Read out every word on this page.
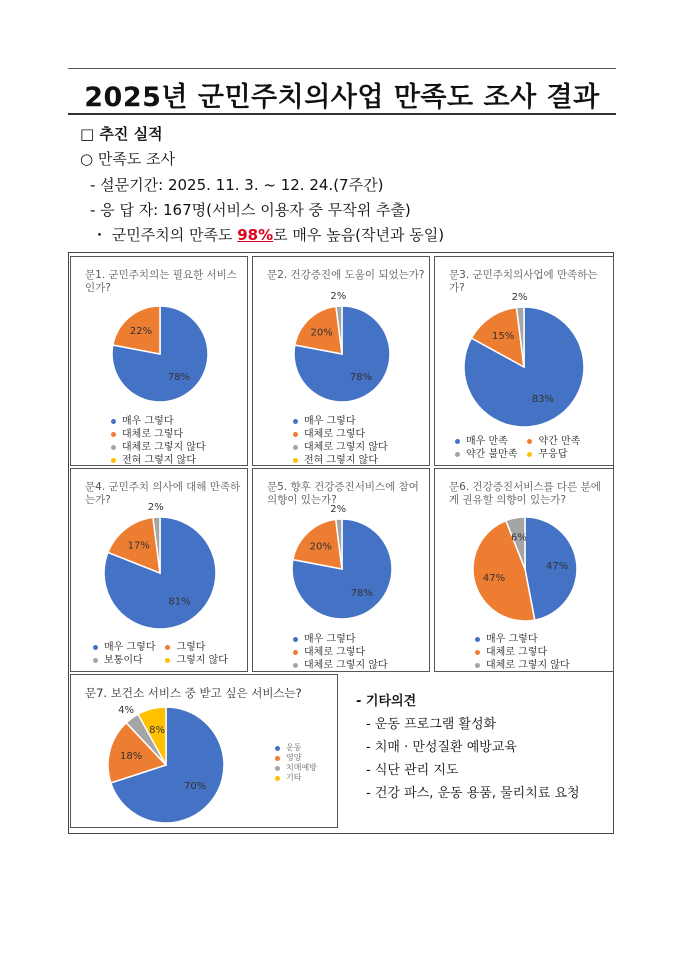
2025년 군민주치의사업 만족도 조사 결과
□ 추진 실적
○ 만족도 조사
- 설문기간: 2025. 11. 3. ~ 12. 24.(7주간)
- 응 답 자: 167명(서비스 이용자 중 무작위 추출)
・ 군민주치의 만족도 98%로 매우 높음(작년과 동일)
문1. 군민주치의는 필요한 서비스인가?
78%
22%
매우 그렇다
대체로 그렇다
대체로 그렇지 않다
전혀 그렇지 않다
문2. 건강증진에 도움이 되었는가?
78%
20%
2%
매우 그렇다
대체로 그렇다
대체로 그렇지 않다
전혀 그렇지 않다
문3. 군민주치의사업에 만족하는가?
83%
15%
2%
매우 만족	약간 만족
약간 불만족 무응답
문4. 군민주치 의사에 대해 만족하는가?
81%
17%
2%
매우 그렇다 그렇다
보통이다	그렇지 않다
문5. 향후 건강증진서비스에 참여 의향이 있는가?
78%
20%
2%
매우 그렇다
대체로 그렇다
대체로 그렇지 않다
문6. 건강증진서비스를 다른 분에게 권유할 의향이 있는가?
47%
47%
6%
매우 그렇다
대체로 그렇다
대체로 그렇지 않다
문7. 보건소 서비스 중 받고 싶은 서비스는?
70%
18%
4%
8%
운동
영양
치매예방
기타
- 기타의견
- 운동 프로그램 활성화
- 치매 · 만성질환 예방교육
- 식단 관리 지도
- 건강 파스, 운동 용품, 물리치료 요청
